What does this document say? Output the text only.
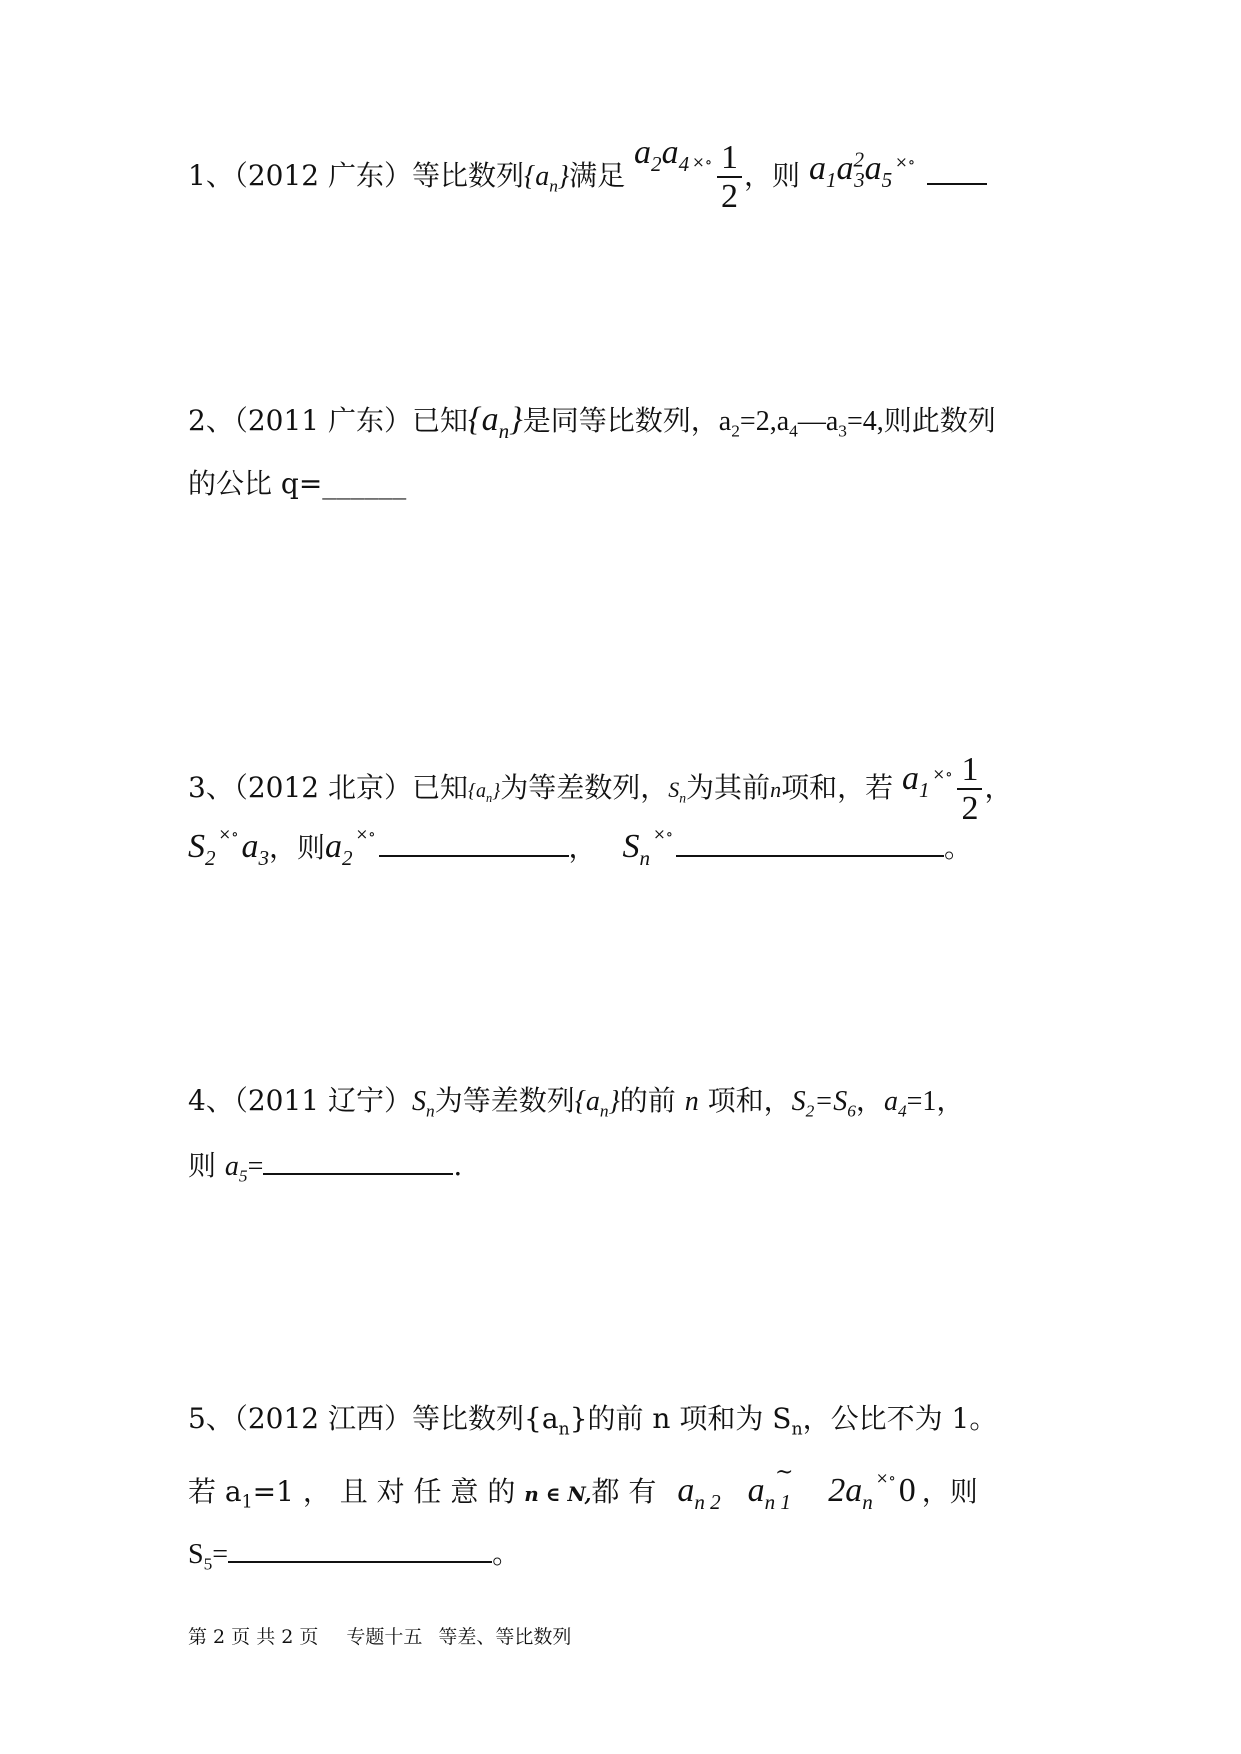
1、（2012 广东）等比数列$\{a_n\}$满足 $a_2a_4$ $^{\times\circ} \frac{1}{2}$ ，则 $a_1a^2_3a_5^{\times\circ}$
2、（2011 广东）已知$\{a_n\}$是同等比数列，$a_2=2,a_4—a_3=4$,则此数列
的公比 q=______
3、（2012 北京）已知$\{a_n\}$为等差数列，$S_n$为其前n项和，若 $a_1^{\times\circ} \frac{1}{2}$ ，
$S_2^{\times\circ}a_3$，则$a_2^{\times\circ}$	， $S_n^{\times\circ}$	。
4、（2011 辽宁）$S_n$为等差数列$\{a_n\}$的前 n 项和，$S_2=S_6$，$a_4=1$，
则 $a_5=$	.
5、（2012 江西）等比数列$\{a_n\}$的前 n 项和为 $S_n$，公比不为 1。
若 $a_1=1$ ， 且 对 任 意 的 n ∈ N,都 有 $a_{n 2}$ $a_{n 1}^\sim$ $2a_n^{\times\circ}0$ ，则
$S_5=$	。
第 2 页 共 2 页 专题十五 等差、等比数列
